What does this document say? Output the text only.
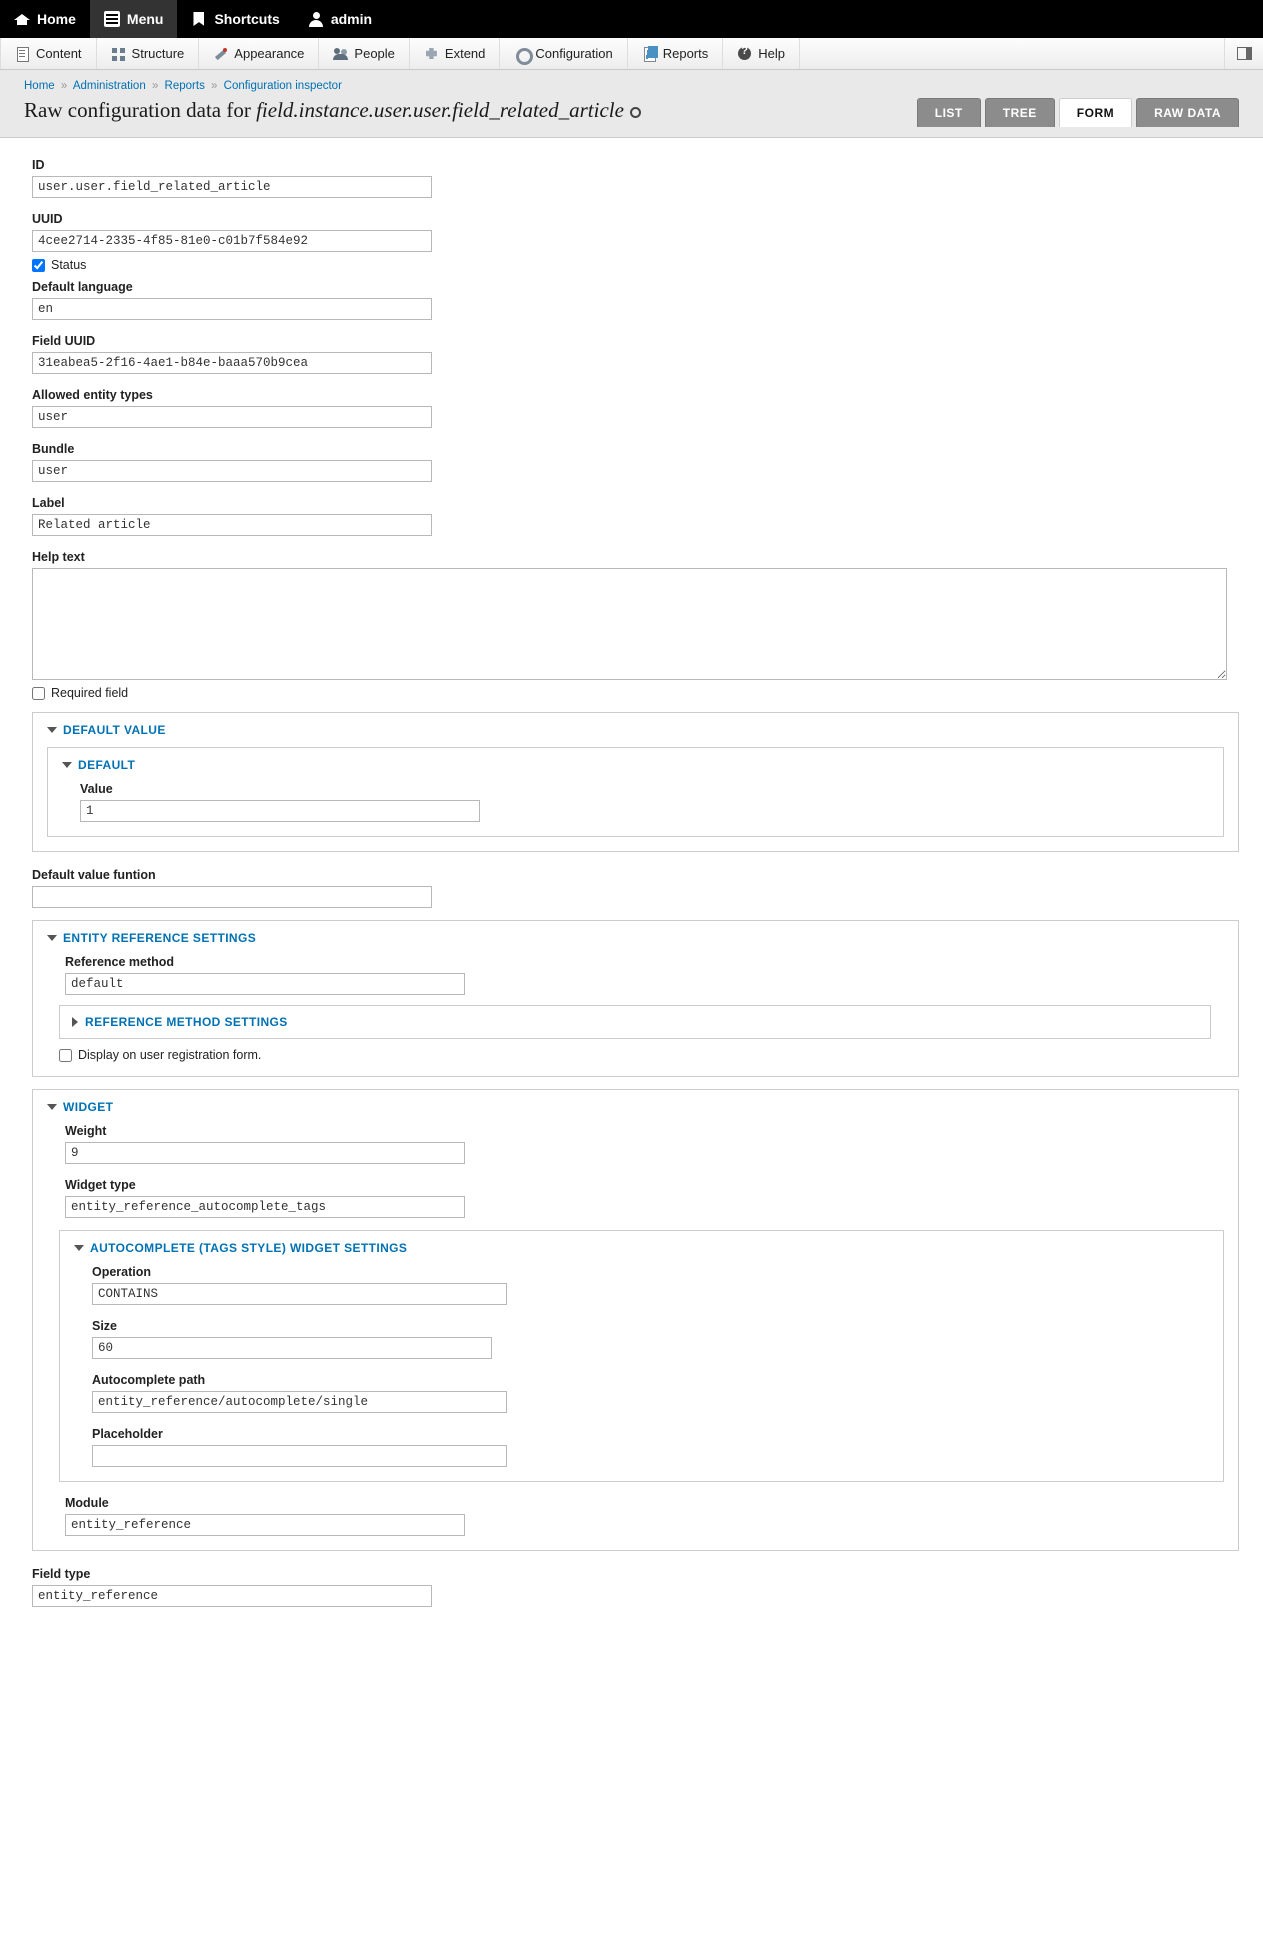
Home	Menu	Shortcuts	admin
Content	Structure	Appearance	People	Extend	Configuration	Reports ?	Help
Home » Administration » Reports » Configuration inspector
Raw configuration data for field.instance.user.user.field_related_article	LIST	TREE	FORM	RAW DATA
ID
user.user.field_related_article
UUID
4cee2714-2335-4f85-81e0-c01b7f584e92
Status
Default language
en
Field UUID
31eabea5-2f16-4ae1-b84e-baaa570b9cea
Allowed entity types
user
Bundle
user
Label
Related article
Help text
Required field
DEFAULT VALUE
DEFAULT
Value
1
Default value funtion
ENTITY REFERENCE SETTINGS
Reference method
default
REFERENCE METHOD SETTINGS
Display on user registration form.
WIDGET
Weight
9
Widget type
entity_reference_autocomplete_tags
AUTOCOMPLETE (TAGS STYLE) WIDGET SETTINGS
Operation
CONTAINS
Size
60
Autocomplete path
entity_reference/autocomplete/single
Placeholder
Module
entity_reference
Field type
entity_reference
